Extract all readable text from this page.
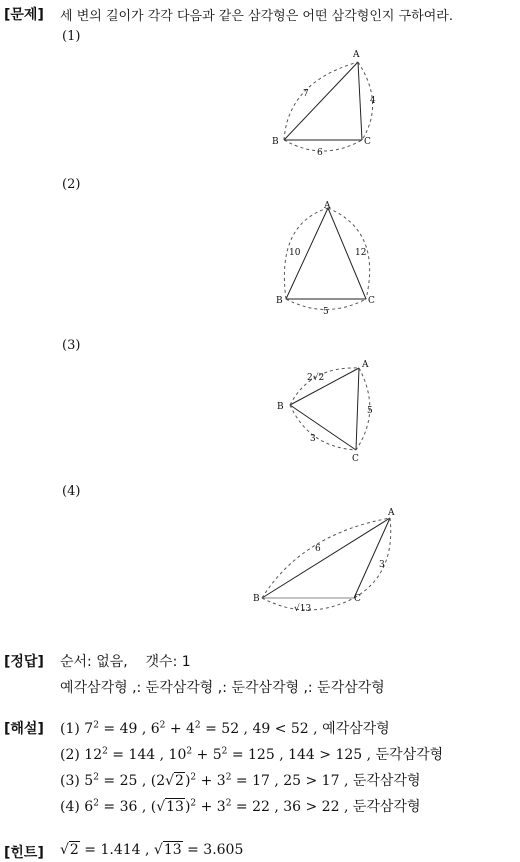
[문제] 세 변의 길이가 각각 다음과 같은 삼각형은 어떤 삼각형인지 구하여라.
(1)
(2)
(3)
(4)
A
B	C
7
4
6
A
B	C
10	12
5
A
B
C
2√2
5
3
A
B	C
6
3
√13
[정답] 순서: 없음, 갯수: 1
예각삼각형 ,: 둔각삼각형 ,: 둔각삼각형 ,: 둔각삼각형
[해설] (1) $7^2 = 49$ , $6^2 + 4^2 = 52$ , 49 < 52 , 예각삼각형
(2) $12^2 = 144$ , $10^2 + 5^2 = 125$ , 144 > 125 , 둔각삼각형
(3) $5^2 = 25$ , $(2√2)^2 + 3^2 = 17$ , 25 > 17 , 둔각삼각형
(4) $6^2 = 36$ , $(√13)^2 + 3^2 = 22$ , 36 > 22 , 둔각삼각형
[힌트] √2 = 1.414 , √13 = 3.605
